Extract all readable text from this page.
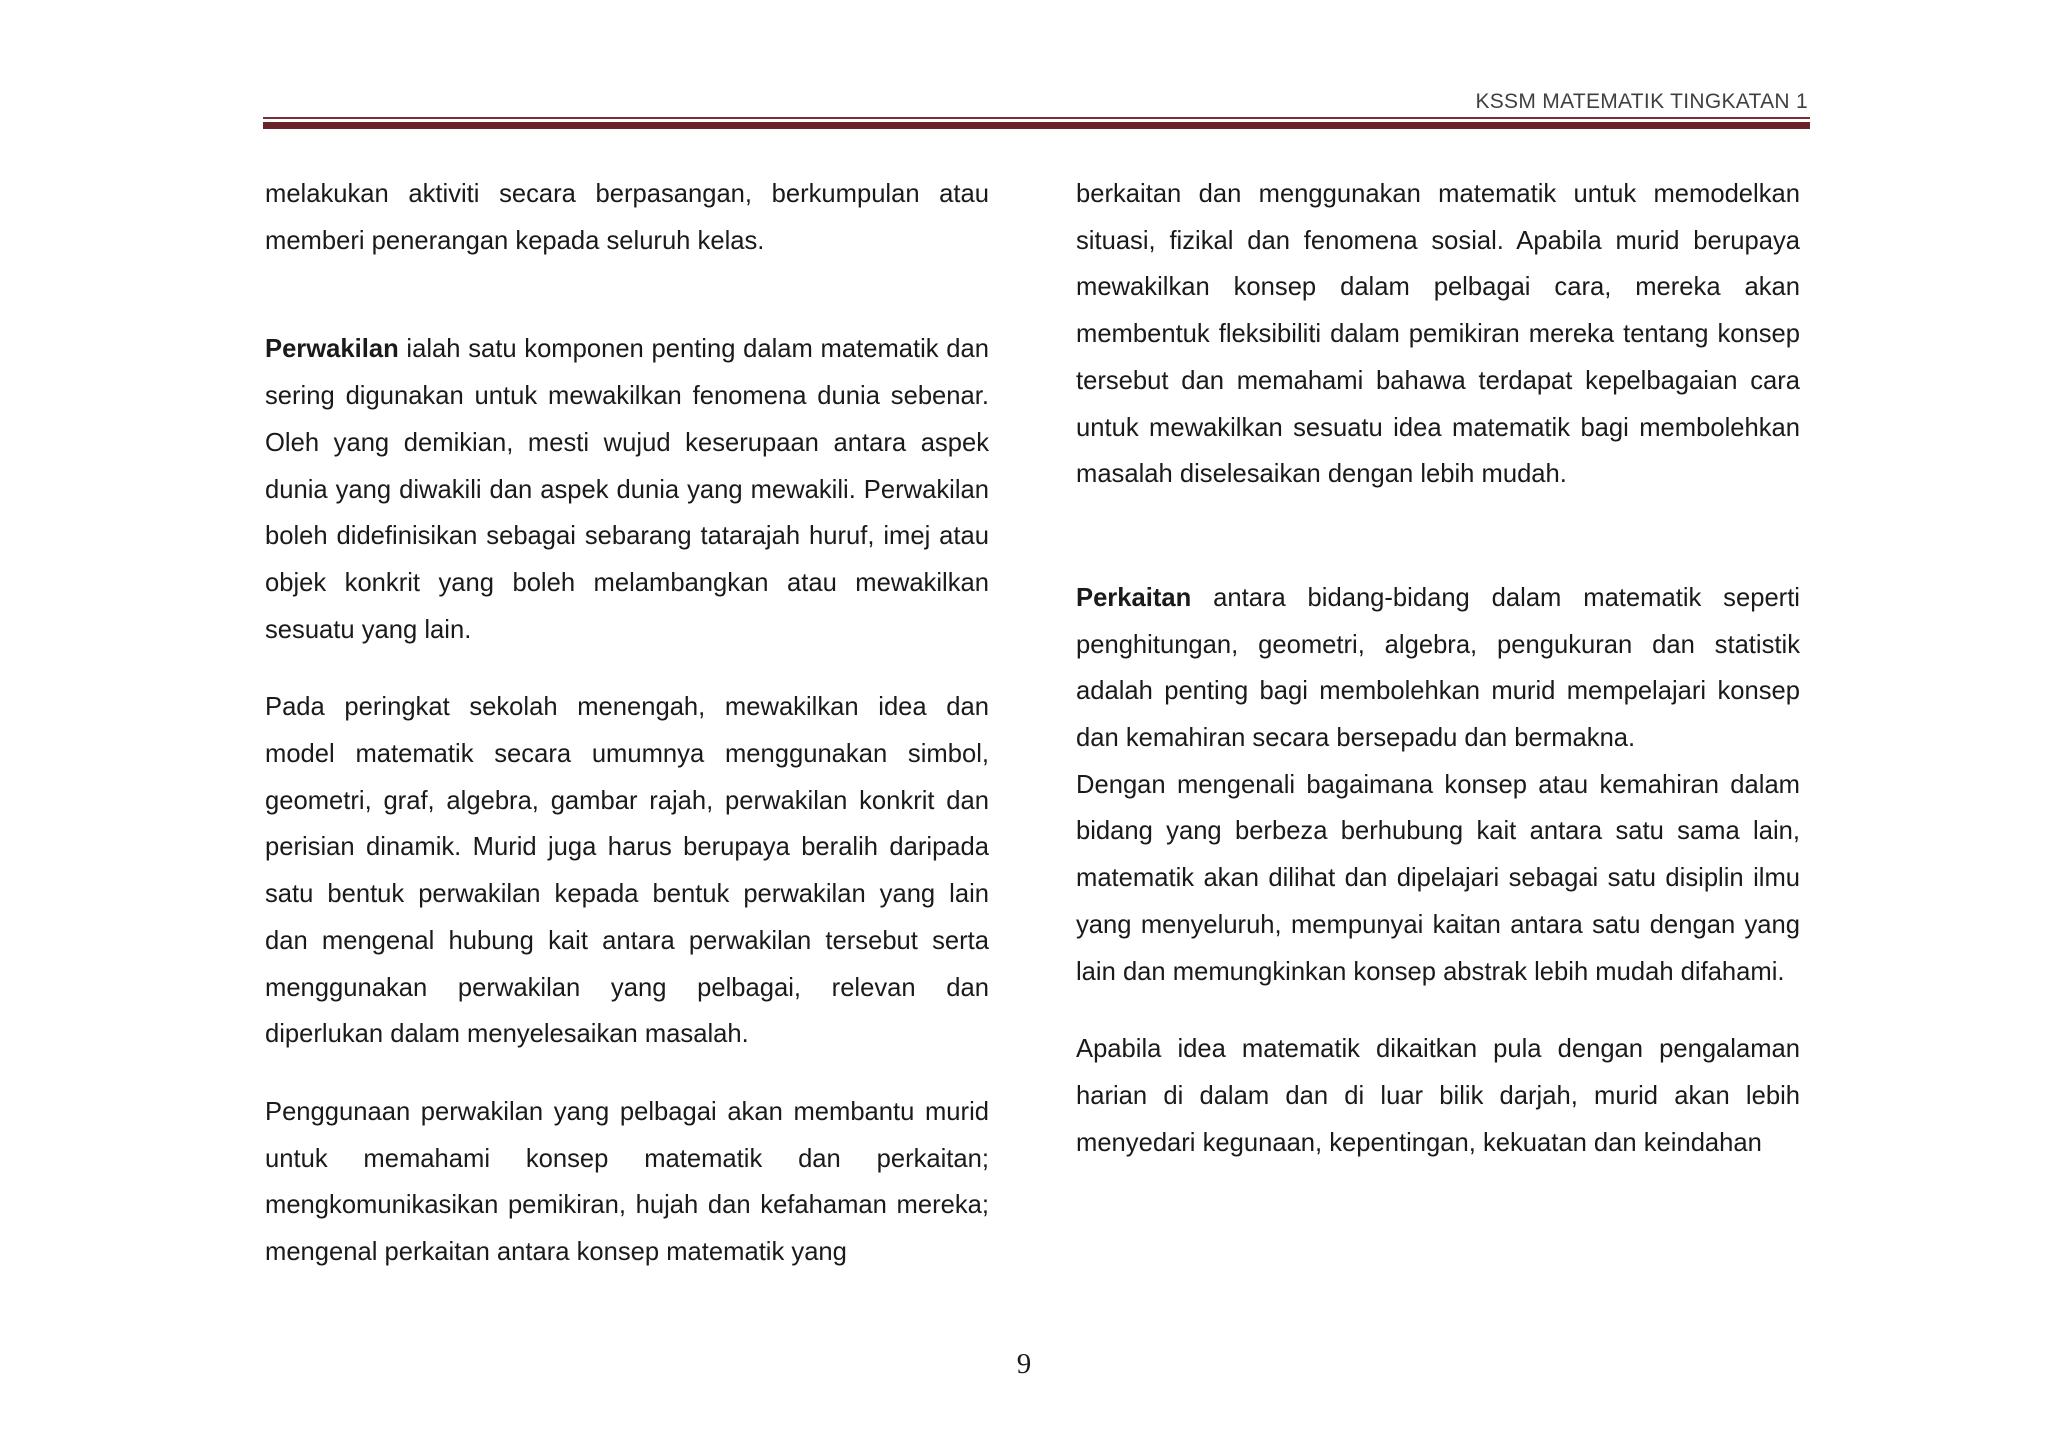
KSSM MATEMATIK TINGKATAN 1

melakukan aktiviti secara berpasangan, berkumpulan atau memberi penerangan kepada seluruh kelas.

Perwakilan ialah satu komponen penting dalam matematik dan sering digunakan untuk mewakilkan fenomena dunia sebenar. Oleh yang demikian, mesti wujud keserupaan antara aspek dunia yang diwakili dan aspek dunia yang mewakili. Perwakilan boleh didefinisikan sebagai sebarang tatarajah huruf, imej atau objek konkrit yang boleh melambangkan atau mewakilkan sesuatu yang lain.

Pada peringkat sekolah menengah, mewakilkan idea dan model matematik secara umumnya menggunakan simbol, geometri, graf, algebra, gambar rajah, perwakilan konkrit dan perisian dinamik. Murid juga harus berupaya beralih daripada satu bentuk perwakilan kepada bentuk perwakilan yang lain dan mengenal hubung kait antara perwakilan tersebut serta menggunakan perwakilan yang pelbagai, relevan dan diperlukan dalam menyelesaikan masalah.

Penggunaan perwakilan yang pelbagai akan membantu murid untuk memahami konsep matematik dan perkaitan; mengkomunikasikan pemikiran, hujah dan kefahaman mereka; mengenal perkaitan antara konsep matematik yang

berkaitan dan menggunakan matematik untuk memodelkan situasi, fizikal dan fenomena sosial. Apabila murid berupaya mewakilkan konsep dalam pelbagai cara, mereka akan membentuk fleksibiliti dalam pemikiran mereka tentang konsep tersebut dan memahami bahawa terdapat kepelbagaian cara untuk mewakilkan sesuatu idea matematik bagi membolehkan masalah diselesaikan dengan lebih mudah.

Perkaitan antara bidang-bidang dalam matematik seperti penghitungan, geometri, algebra, pengukuran dan statistik adalah penting bagi membolehkan murid mempelajari konsep dan kemahiran secara bersepadu dan bermakna.

Dengan mengenali bagaimana konsep atau kemahiran dalam bidang yang berbeza berhubung kait antara satu sama lain, matematik akan dilihat dan dipelajari sebagai satu disiplin ilmu yang menyeluruh, mempunyai kaitan antara satu dengan yang lain dan memungkinkan konsep abstrak lebih mudah difahami.

Apabila idea matematik dikaitkan pula dengan pengalaman harian di dalam dan di luar bilik darjah, murid akan lebih menyedari kegunaan, kepentingan, kekuatan dan keindahan

9
